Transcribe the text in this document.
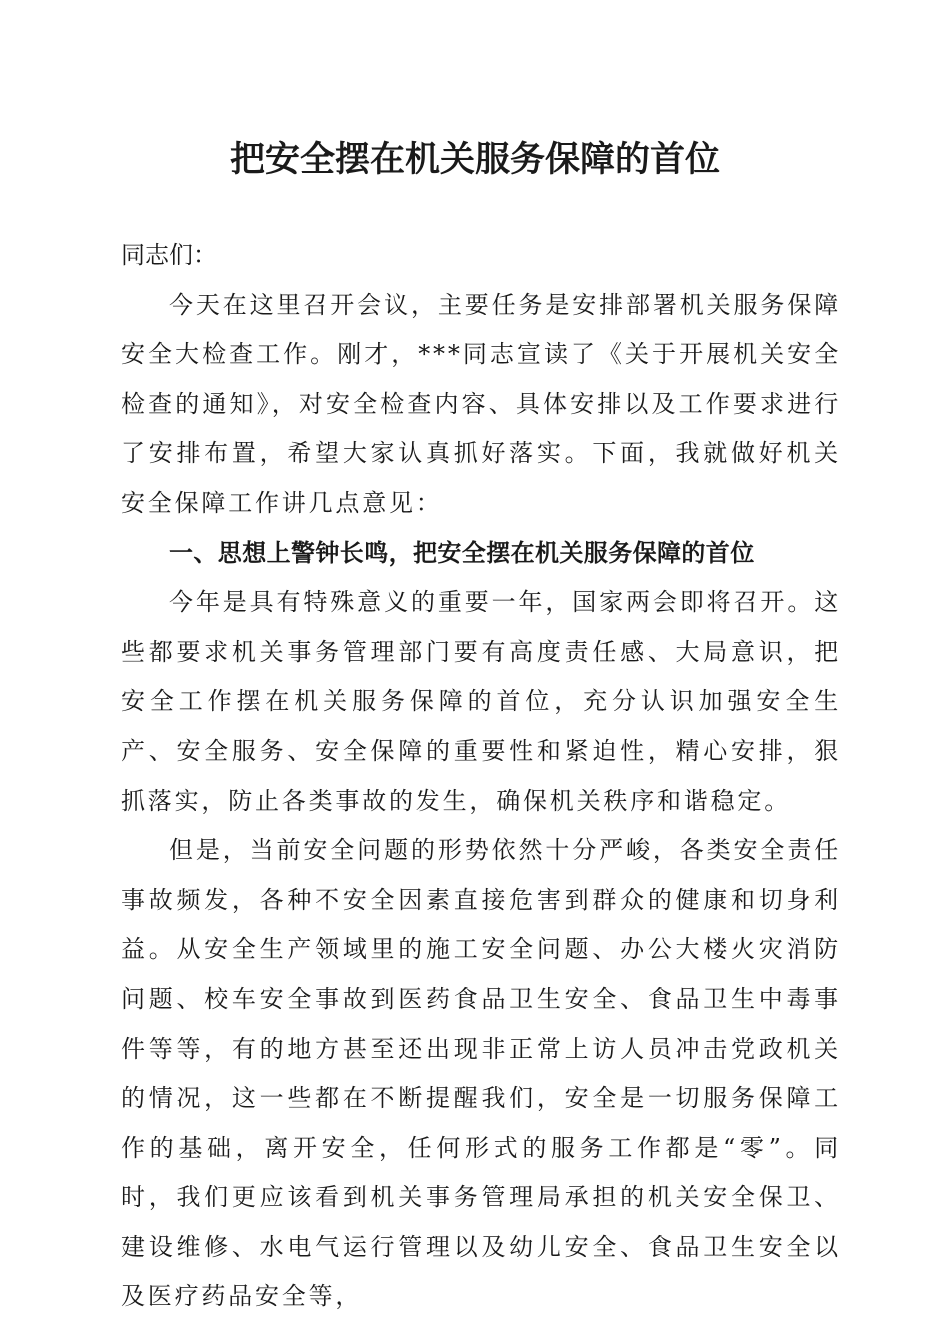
把安全摆在机关服务保障的首位

同志们：

今天在这里召开会议，主要任务是安排部署机关服务保障安全大检查工作。刚才，***同志宣读了《关于开展机关安全检查的通知》，对安全检查内容、具体安排以及工作要求进行了安排布置，希望大家认真抓好落实。下面，我就做好机关安全保障工作讲几点意见：

一、思想上警钟长鸣，把安全摆在机关服务保障的首位

今年是具有特殊意义的重要一年，国家两会即将召开。这些都要求机关事务管理部门要有高度责任感、大局意识，把安全工作摆在机关服务保障的首位，充分认识加强安全生产、安全服务、安全保障的重要性和紧迫性，精心安排，狠抓落实，防止各类事故的发生，确保机关秩序和谐稳定。

但是，当前安全问题的形势依然十分严峻，各类安全责任事故频发，各种不安全因素直接危害到群众的健康和切身利益。从安全生产领域里的施工安全问题、办公大楼火灾消防问题、校车安全事故到医药食品卫生安全、食品卫生中毒事件等等，有的地方甚至还出现非正常上访人员冲击党政机关的情况，这一些都在不断提醒我们，安全是一切服务保障工作的基础，离开安全，任何形式的服务工作都是“零”。同时，我们更应该看到机关事务管理局承担的机关安全保卫、建设维修、水电气运行管理以及幼儿安全、食品卫生安全以及医疗药品安全等，
